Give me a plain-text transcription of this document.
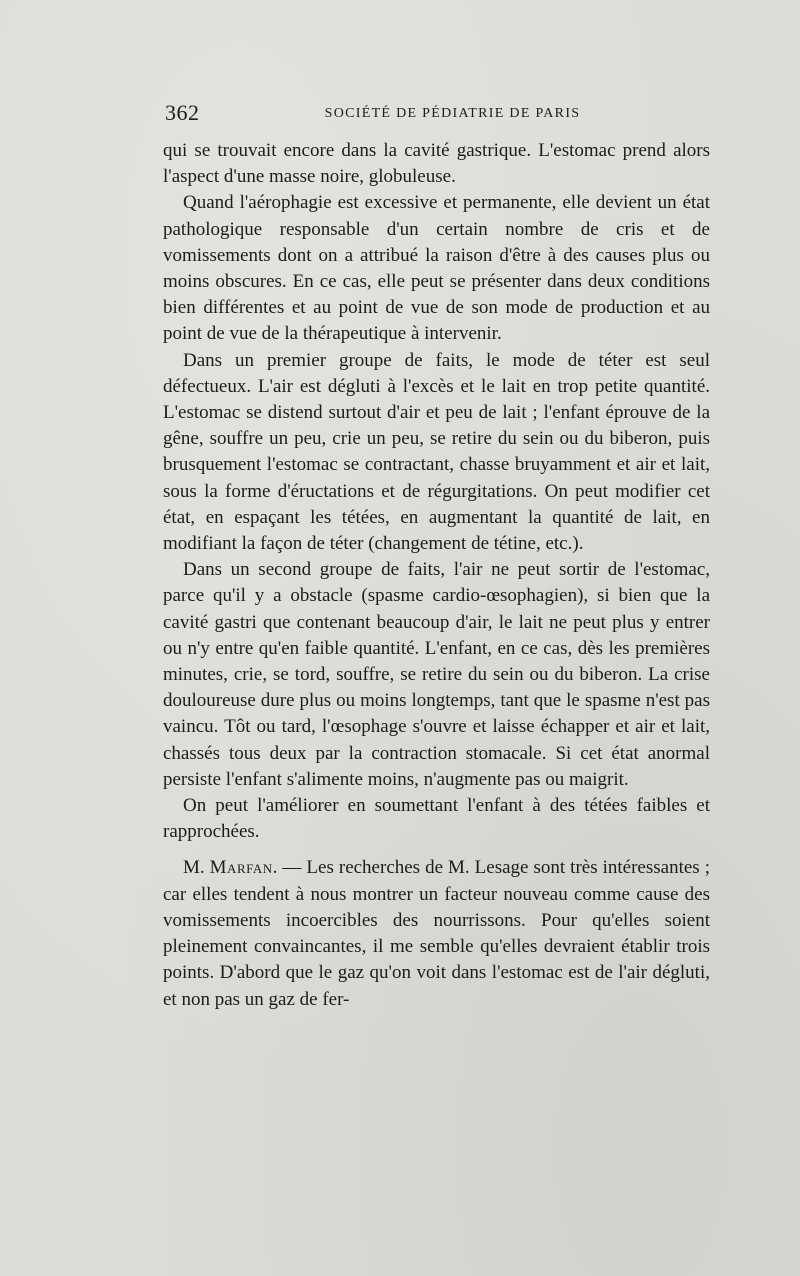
362	SOCIÉTÉ DE PÉDIATRIE DE PARIS

qui se trouvait encore dans la cavité gastrique. L'estomac prend alors l'aspect d'une masse noire, globuleuse.

Quand l'aérophagie est excessive et permanente, elle devient un état pathologique responsable d'un certain nombre de cris et de vomissements dont on a attribué la raison d'être à des causes plus ou moins obscures. En ce cas, elle peut se présenter dans deux conditions bien différentes et au point de vue de son mode de production et au point de vue de la thérapeutique à intervenir.

Dans un premier groupe de faits, le mode de téter est seul défectueux. L'air est dégluti à l'excès et le lait en trop petite quantité. L'estomac se distend surtout d'air et peu de lait ; l'enfant éprouve de la gêne, souffre un peu, crie un peu, se retire du sein ou du biberon, puis brusquement l'estomac se contractant, chasse bruyamment et air et lait, sous la forme d'éructations et de régurgitations. On peut modifier cet état, en espaçant les tétées, en augmentant la quantité de lait, en modifiant la façon de téter (changement de tétine, etc.).

Dans un second groupe de faits, l'air ne peut sortir de l'estomac, parce qu'il y a obstacle (spasme cardio-œsophagien), si bien que la cavité gastri que contenant beaucoup d'air, le lait ne peut plus y entrer ou n'y entre qu'en faible quantité. L'enfant, en ce cas, dès les premières minutes, crie, se tord, souffre, se retire du sein ou du biberon. La crise douloureuse dure plus ou moins longtemps, tant que le spasme n'est pas vaincu. Tôt ou tard, l'œsophage s'ouvre et laisse échapper et air et lait, chassés tous deux par la contraction stomacale. Si cet état anormal persiste l'enfant s'alimente moins, n'augmente pas ou maigrit.

On peut l'améliorer en soumettant l'enfant à des tétées faibles et rapprochées.

M. Marfan. — Les recherches de M. Lesage sont très intéressantes ; car elles tendent à nous montrer un facteur nouveau comme cause des vomissements incoercibles des nourrissons. Pour qu'elles soient pleinement convaincantes, il me semble qu'elles devraient établir trois points. D'abord que le gaz qu'on voit dans l'estomac est de l'air dégluti, et non pas un gaz de fer-
